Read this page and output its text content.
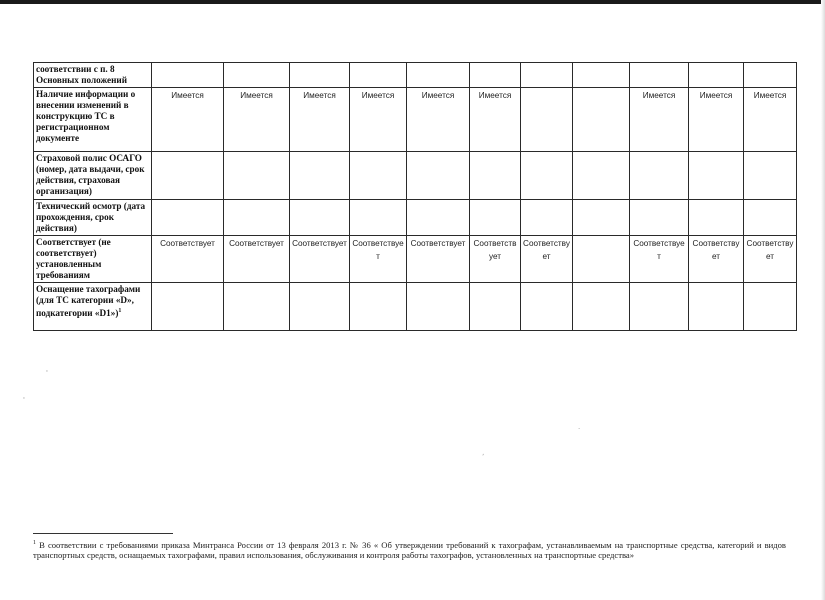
соответствии с п. 8 Основных положений											
Наличие информации о внесении изменений в конструкцию ТС в регистрационном документе	Имеется	Имеется	Имеется	Имеется	Имеется	Имеется			Имеется	Имеется	Имеется
Страховой полис ОСАГО (номер, дата выдачи, срок действия, страховая организация)											
Технический осмотр (дата прохождения, срок действия)											
Соответствует (не соответствует) установленным требованиям	Соответствует	Соответствует	Соответствует	Соответствует	Соответствует	Соответствует	Соответствует		Соответствует	Соответствует	Соответствует
Оснащение тахографами (для ТС категории «D», подкатегории «D1»)$^1$											
$^1$ В соответствии с требованиями приказа Минтранса России от 13 февраля 2013 г. № 36 « Об утверждении требований к тахографам, устанавливаемым на транспортные средства, категорий и видов транспортных средств, оснащаемых тахографами, правил использования, обслуживания и контроля работы тахографов, установленных на транспортные средства»
'
'
ʼ
·
